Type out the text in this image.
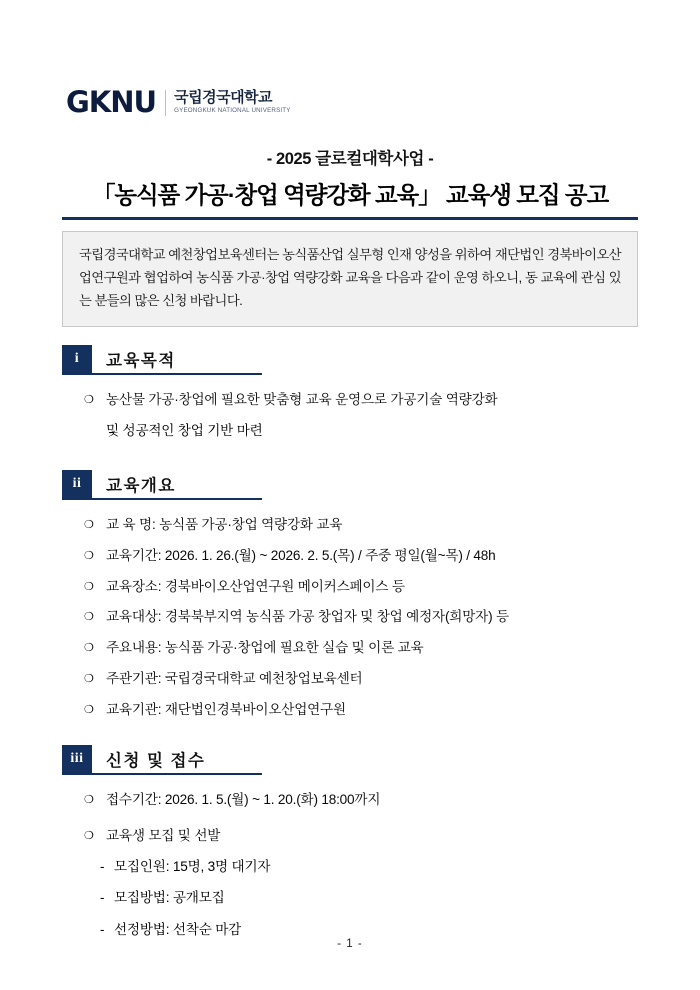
GKNU 국립경국대학교
GYEONGKUK NATIONAL UNIVERSITY
- 2025 글로컬대학사업 -
「농식품 가공·창업 역량강화 교육」 교육생 모집 공고

국립경국대학교 예천창업보육센터는 농식품산업 실무형 인재 양성을 위하여 재단법인 경북바이오산업연구원과 협업하여 농식품 가공·창업 역량강화 교육을 다음과 같이 운영 하오니, 동 교육에 관심 있는 분들의 많은 신청 바랍니다.

i	교육목적
❍ 농산물 가공·창업에 필요한 맞춤형 교육 운영으로 가공기술 역량강화
및 성공적인 창업 기반 마련
ii	교육개요
❍ 교 육 명: 농식품 가공·창업 역량강화 교육
❍ 교육기간: 2026. 1. 26.(월) ~ 2026. 2. 5.(목) / 주중 평일(월~목) / 48h
❍ 교육장소: 경북바이오산업연구원 메이커스페이스 등
❍ 교육대상: 경북북부지역 농식품 가공 창업자 및 창업 예정자(희망자) 등
❍ 주요내용: 농식품 가공·창업에 필요한 실습 및 이론 교육
❍ 주관기관: 국립경국대학교 예천창업보육센터
❍ 교육기관: 재단법인경북바이오산업연구원
iii	신청 및 접수
❍ 접수기간: 2026. 1. 5.(월) ~ 1. 20.(화) 18:00까지
❍ 교육생 모집 및 선발
- 모집인원: 15명, 3명 대기자
- 모집방법: 공개모집
- 선정방법: 선착순 마감
- 1 -
